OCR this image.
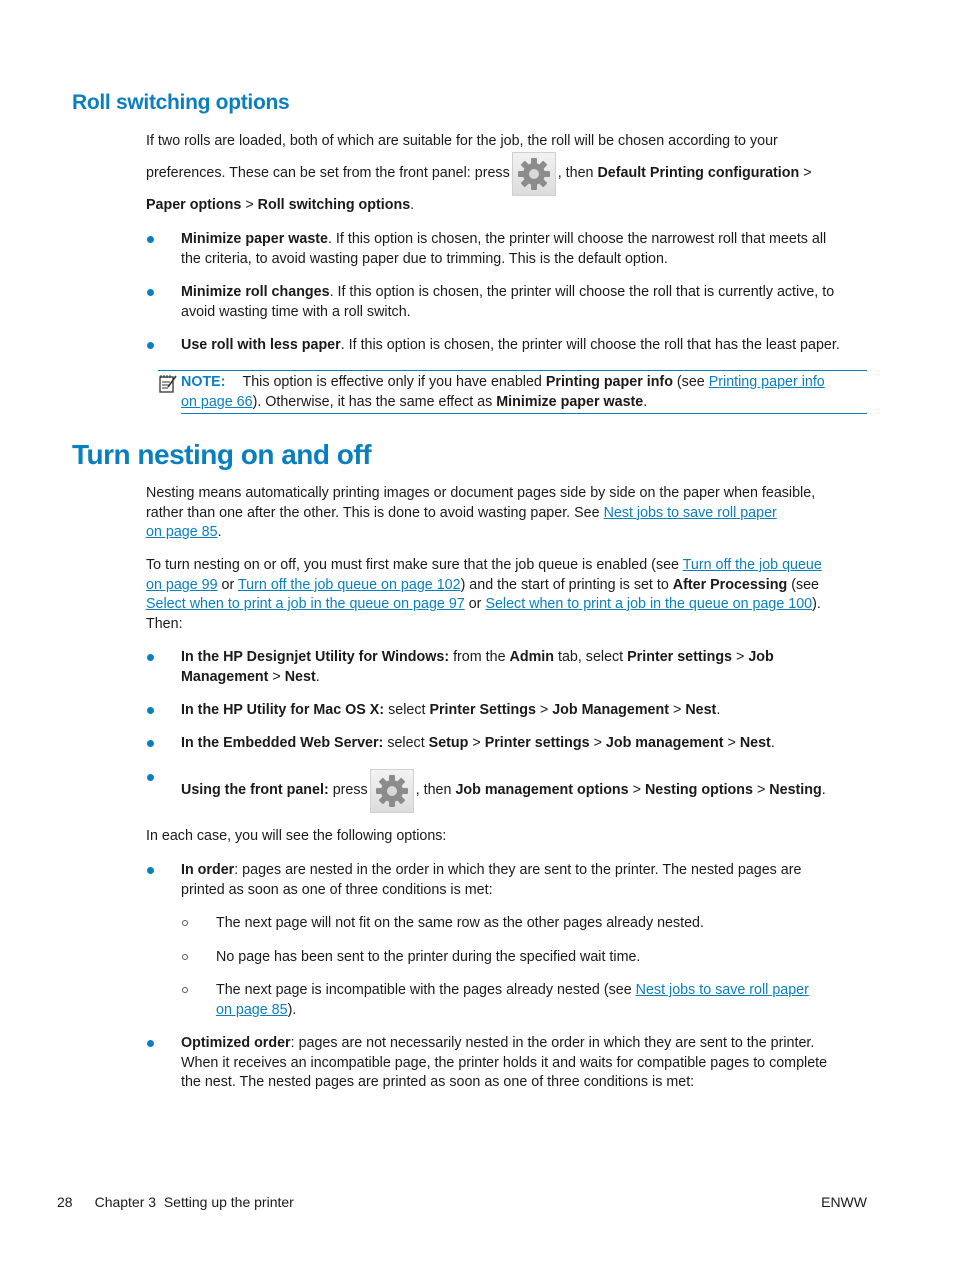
Roll switching options

If two rolls are loaded, both of which are suitable for the job, the roll will be chosen according to your

preferences. These can be set from the front panel: press	, then
Default Printing configuration
>

Paper options > Roll switching options.

Minimize paper waste. If this option is chosen, the printer will choose the narrowest roll that meets all
the criteria, to avoid wasting paper due to trimming. This is the default option.
Minimize roll changes. If this option is chosen, the printer will choose the roll that is currently active, to
avoid wasting time with a roll switch.
Use roll with less paper. If this option is chosen, the printer will choose the roll that has the least paper.
NOTE: This option is effective only if you have enabled Printing paper info (see Printing paper info
on page 66). Otherwise, it has the same effect as Minimize paper waste.
Turn nesting on and off
Nesting means automatically printing images or document pages side by side on the paper when feasible,
rather than one after the other. This is done to avoid wasting paper. See Nest jobs to save roll paper
on page 85.
To turn nesting on or off, you must first make sure that the job queue is enabled (see Turn off the job queue
on page 99 or Turn off the job queue on page 102) and the start of printing is set to After Processing (see
Select when to print a job in the queue on page 97 or Select when to print a job in the queue on page 100).
Then:
In the HP Designjet Utility for Windows: from the Admin tab, select Printer settings > Job
Management > Nest.
In the HP Utility for Mac OS X: select Printer Settings > Job Management > Nest.
In the Embedded Web Server: select Setup > Printer settings > Job management > Nest.
Using the front panel:
press	, then
Job management options
>
Nesting options
>
Nesting .

In each case, you will see the following options:

In order: pages are nested in the order in which they are sent to the printer. The nested pages are
printed as soon as one of three conditions is met:

The next page will not fit on the same row as the other pages already nested.

No page has been sent to the printer during the specified wait time.

The next page is incompatible with the pages already nested (see Nest jobs to save roll paper
on page 85).
Optimized order: pages are not necessarily nested in the order in which they are sent to the printer.
When it receives an incompatible page, the printer holds it and waits for compatible pages to complete
the nest. The nested pages are printed as soon as one of three conditions is met:
28 Chapter 3 Setting up the printer	ENWW
